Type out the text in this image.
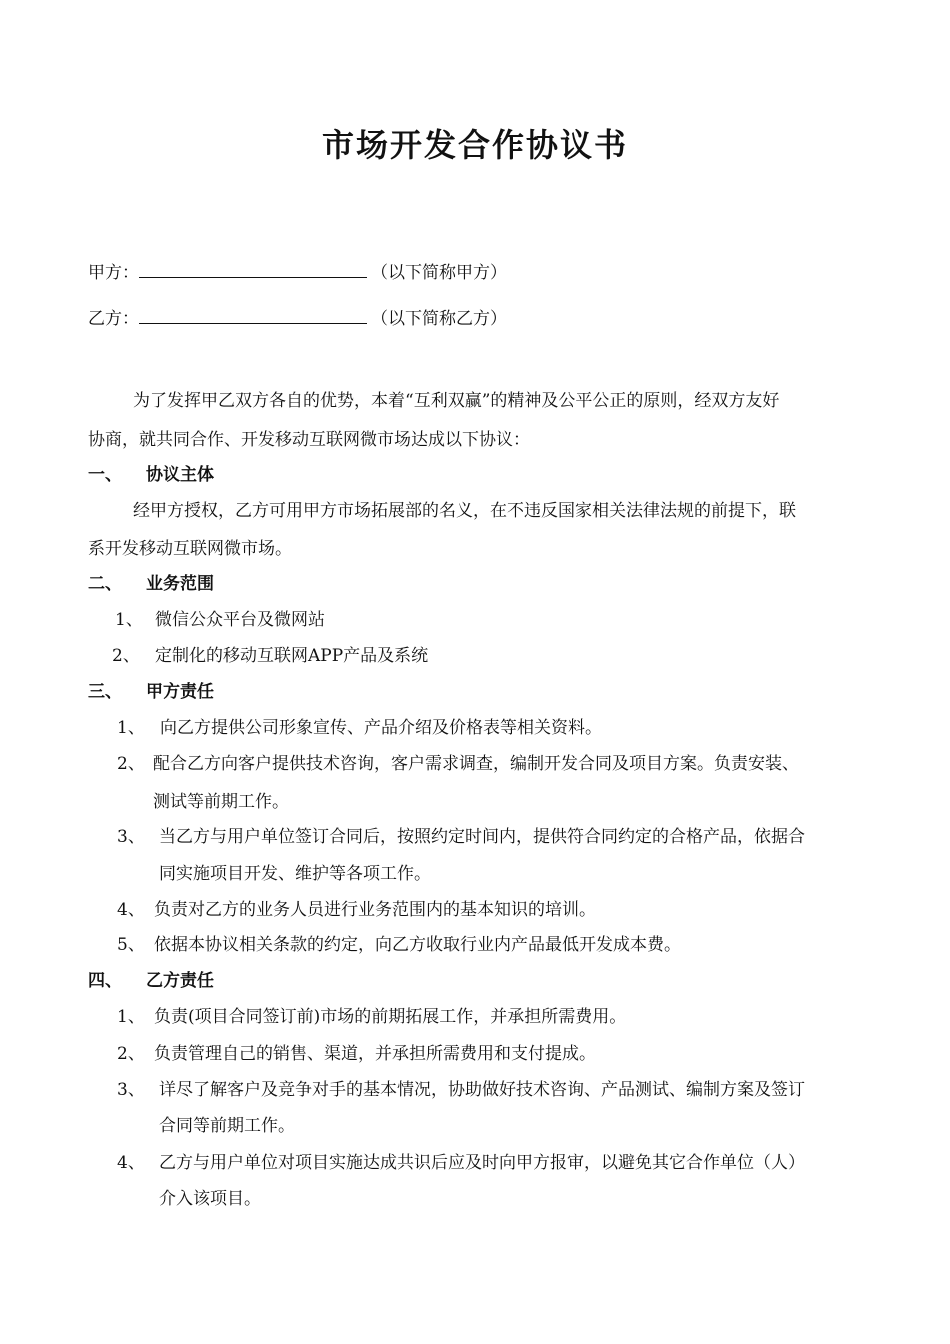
市场开发合作协议书
甲方：	（以下简称甲方）
乙方：	（以下简称乙方）
为了发挥甲乙双方各自的优势，本着“互利双赢”的精神及公平公正的原则，经双方友好
协商，就共同合作、开发移动互联网微市场达成以下协议：
一、 协议主体
经甲方授权，乙方可用甲方市场拓展部的名义，在不违反国家相关法律法规的前提下，联
系开发移动互联网微市场。
二、 业务范围
1、 微信公众平台及微网站
2、 定制化的移动互联网APP产品及系统
三、 甲方责任
1、 向乙方提供公司形象宣传、产品介绍及价格表等相关资料。
2、 配合乙方向客户提供技术咨询，客户需求调查，编制开发合同及项目方案。负责安装、
测试等前期工作。
3、 当乙方与用户单位签订合同后，按照约定时间内，提供符合同约定的合格产品，依据合
同实施项目开发、维护等各项工作。
4、 负责对乙方的业务人员进行业务范围内的基本知识的培训。
5、 依据本协议相关条款的约定，向乙方收取行业内产品最低开发成本费。
四、 乙方责任
1、 负责(项目合同签订前)市场的前期拓展工作，并承担所需费用。
2、 负责管理自己的销售、渠道，并承担所需费用和支付提成。
3、 详尽了解客户及竞争对手的基本情况，协助做好技术咨询、产品测试、编制方案及签订
合同等前期工作。
4、 乙方与用户单位对项目实施达成共识后应及时向甲方报审，以避免其它合作单位（人）
介入该项目。
